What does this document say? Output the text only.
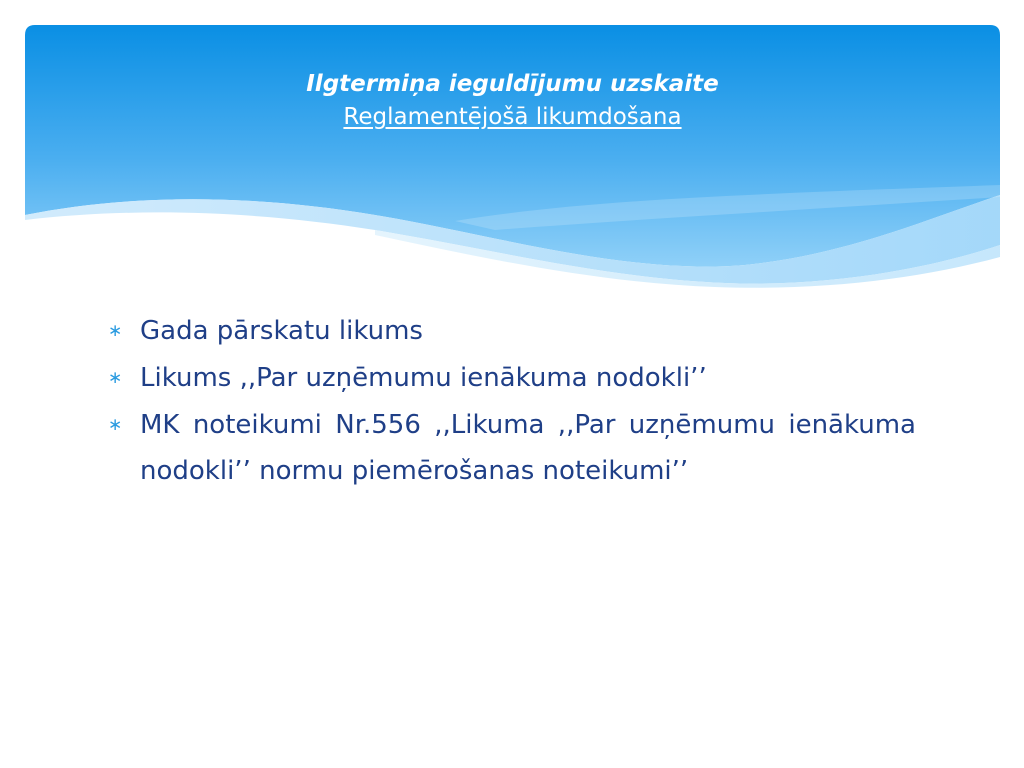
Ilgtermiņa ieguldījumu uzskaite
Reglamentējošā likumdošana
∗ Gada pārskatu likums
∗ Likums ,,Par uzņēmumu ienākuma nodokli’’
∗ MK noteikumi Nr.556 ,,Likuma ,,Par uzņēmumu ienākuma nodokli’’ normu piemērošanas noteikumi’’
